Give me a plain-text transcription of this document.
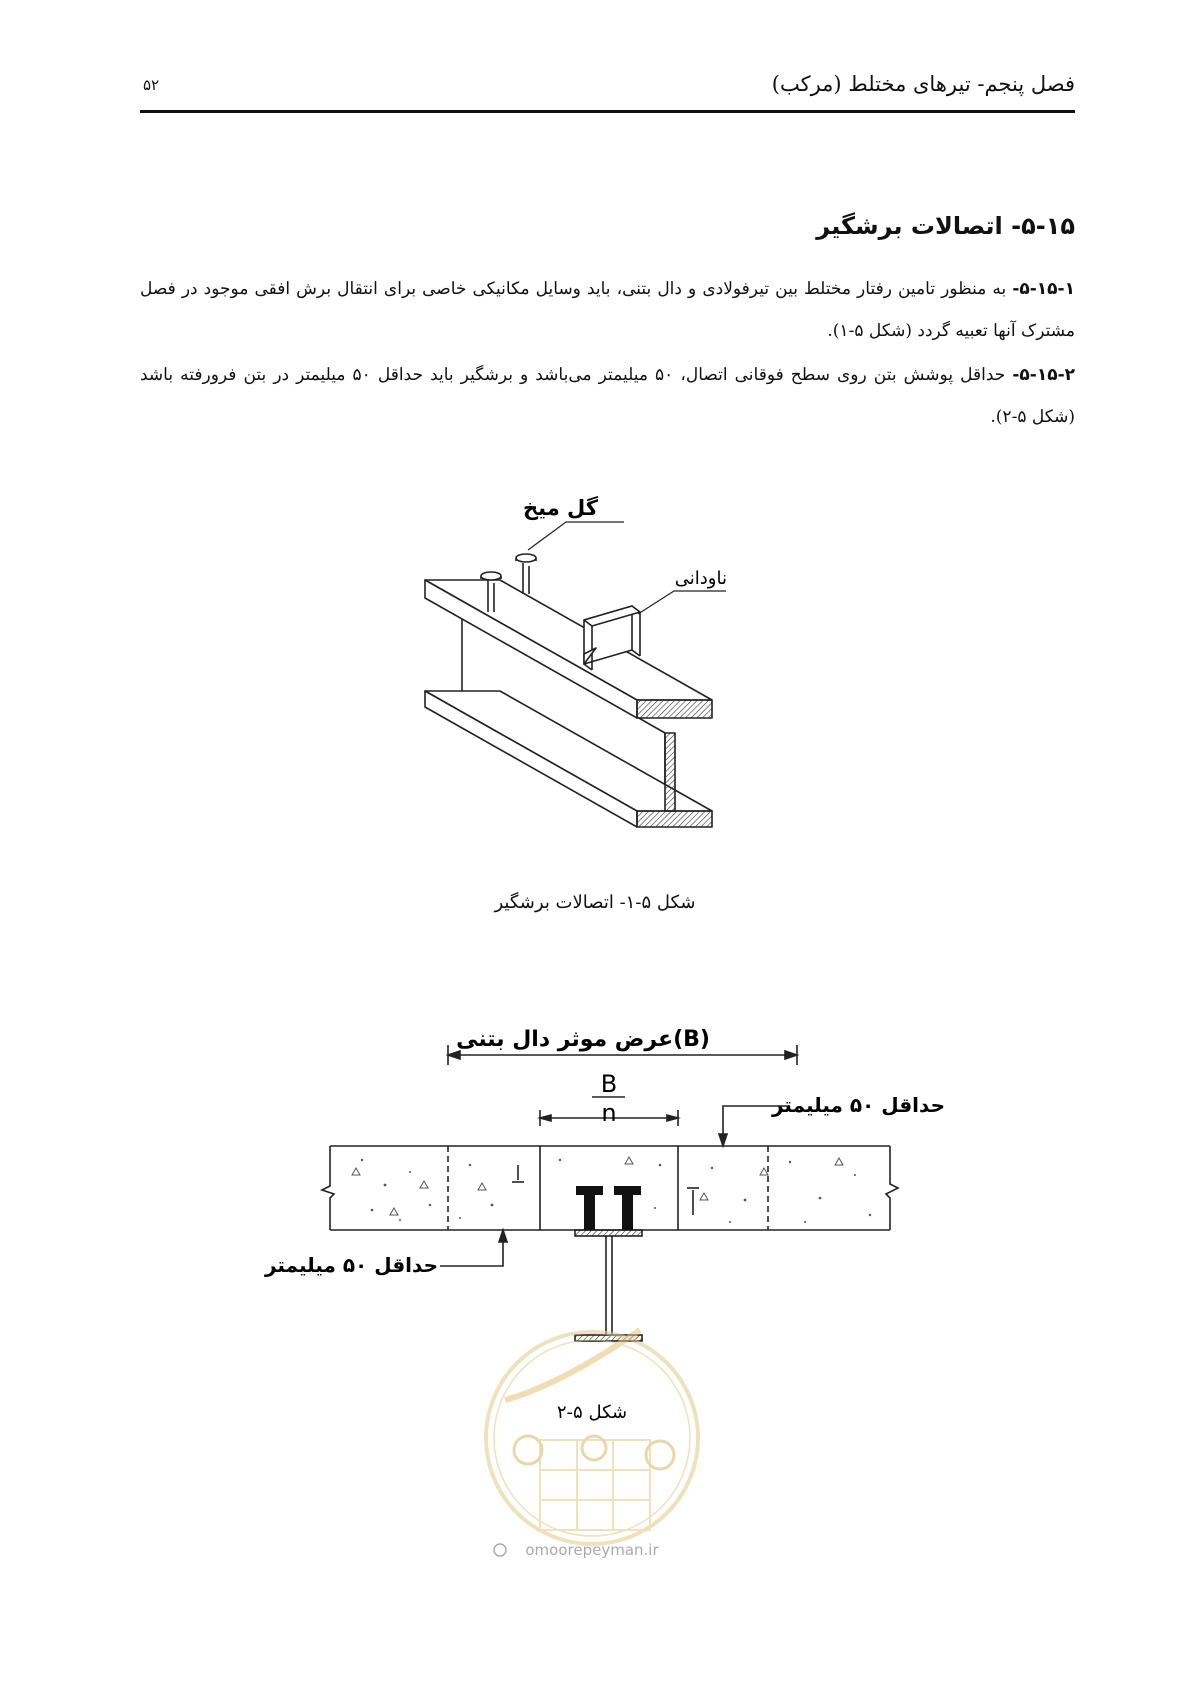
فصل پنجم- تیرهای مختلط (مرکب)
۵۲
۵-۱۵- اتصالات برشگیر
۵-۱۵-۱- به منظور تامین رفتار مختلط بین تیرفولادی و دال بتنی، باید وسایل مکانیکی خاصی برای انتقال برش افقی موجود در فصل مشترک آنها تعبیه گردد (شکل ۵-۱).
۵-۱۵-۲- حداقل پوشش بتن روی سطح فوقانی اتصال، ۵۰ میلیمتر می‌باشد و برشگیر باید حداقل ۵۰ میلیمتر در بتن فرورفته باشد (شکل ۵-۲).
گل میخ
ناودانی
شکل ۵-۱- اتصالات برشگیر
عرض موثر دال بتنی(B)
B
n	حداقل ۵۰ میلیمتر
حداقل ۵۰ میلیمتر
شکل ۵-۲
omoorepeyman.ir
